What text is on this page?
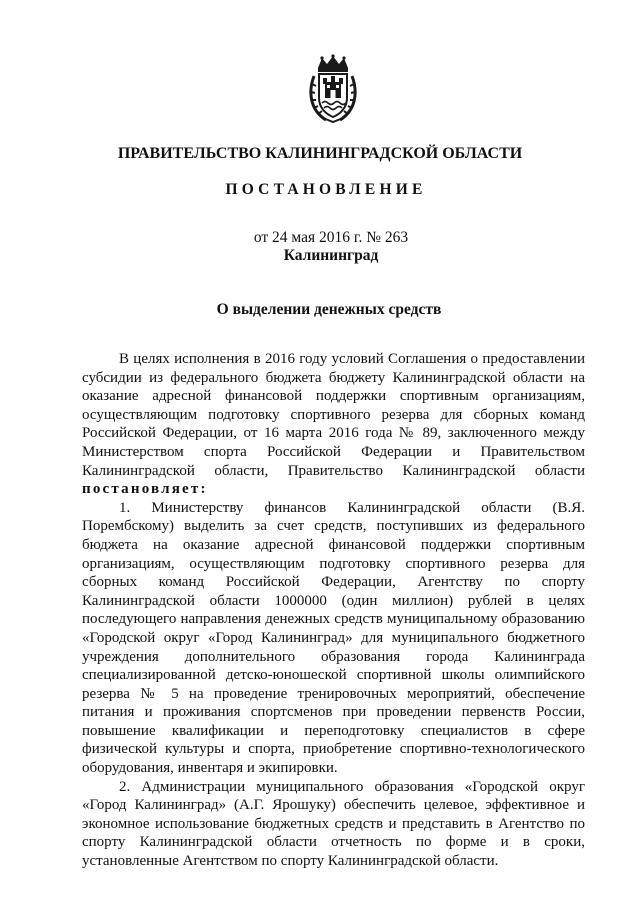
ПРАВИТЕЛЬСТВО КАЛИНИНГРАДСКОЙ ОБЛАСТИ
ПОСТАНОВЛЕНИЕ
от 24 мая 2016 г. № 263
Калининград
О выделении денежных средств

В целях исполнения в 2016 году условий Соглашения о предоставлении субсидии из федерального бюджета бюджету Калининградской области на оказание адресной финансовой поддержки спортивным организациям, осуществляющим подготовку спортивного резерва для сборных команд Российской Федерации, от 16 марта 2016 года № 89, заключенного между Министерством спорта Российской Федерации и Правительством Калининградской области, Правительство Калининградской области постановляет:

1. Министерству финансов Калининградской области (В.Я. Порембскому) выделить за счет средств, поступивших из федерального бюджета на оказание адресной финансовой поддержки спортивным организациям, осуществляющим подготовку спортивного резерва для сборных команд Российской Федерации, Агентству по спорту Калининградской области 1000000 (один миллион) рублей в целях последующего направления денежных средств муниципальному образованию «Городской округ «Город Калининград» для муниципального бюджетного учреждения дополнительного образования города Калининграда специализированной детско-юношеской спортивной школы олимпийского резерва № 5 на проведение тренировочных мероприятий, обеспечение питания и проживания спортсменов при проведении первенств России, повышение квалификации и переподготовку специалистов в сфере физической культуры и спорта, приобретение спортивно-технологического оборудования, инвентаря и экипировки.

2. Администрации муниципального образования «Городской округ «Город Калининград» (А.Г. Ярошуку) обеспечить целевое, эффективное и экономное использование бюджетных средств и представить в Агентство по спорту Калининградской области отчетность по форме и в сроки, установленные Агентством по спорту Калининградской области.
